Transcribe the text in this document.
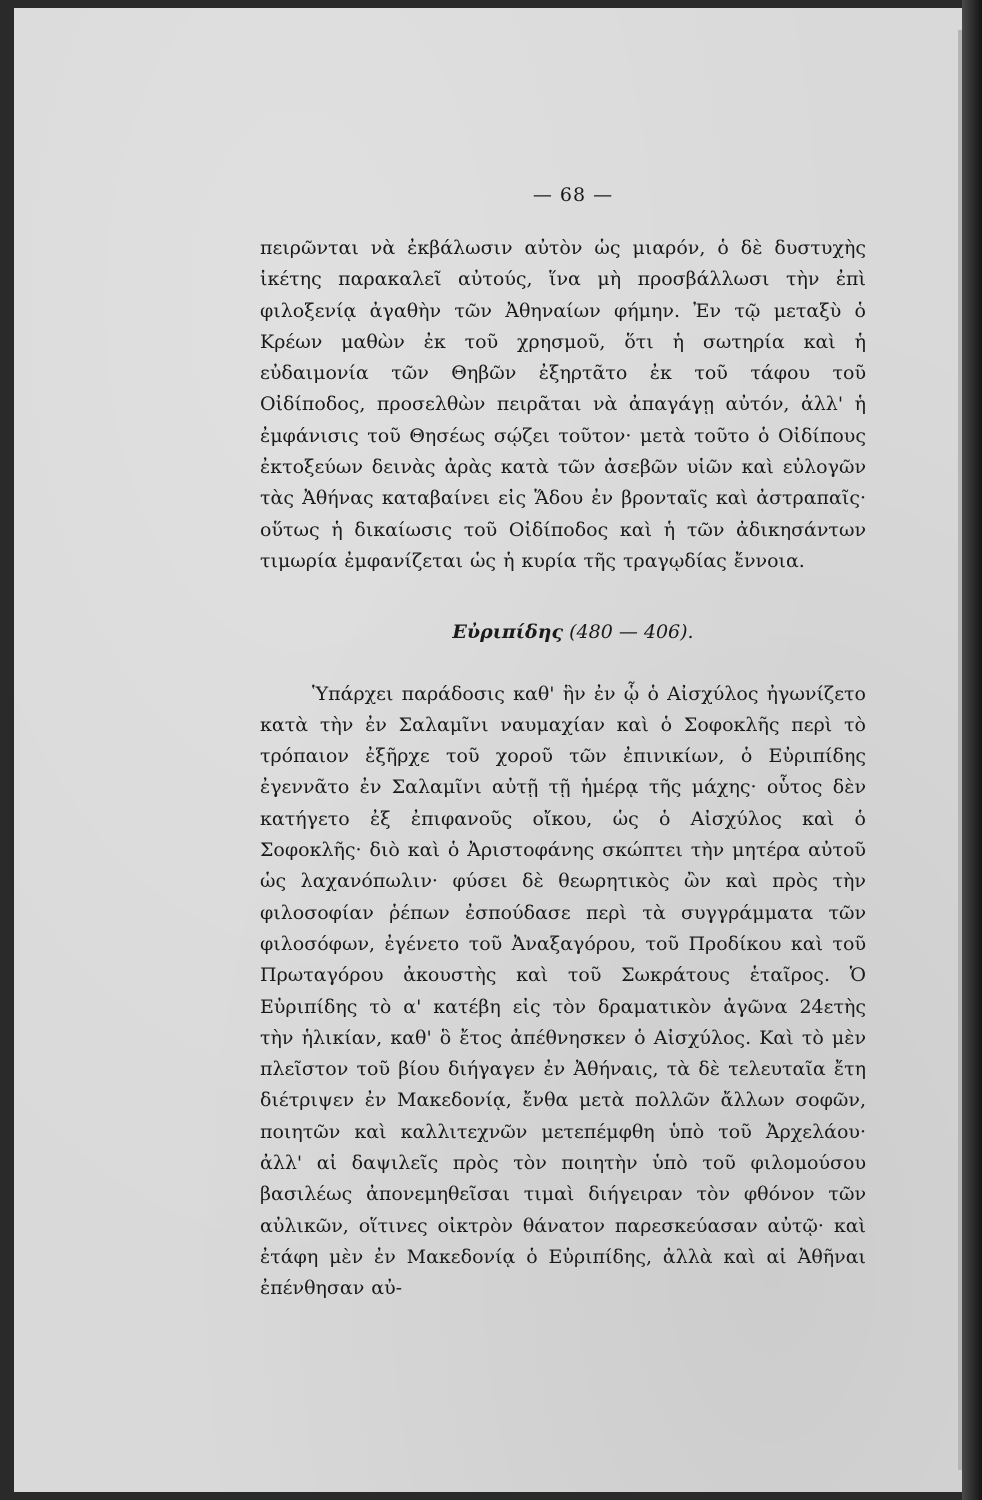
— 68 —

πειρῶνται νὰ ἐκβάλωσιν αὐτὸν ὡς μιαρόν, ὁ δὲ δυστυχὴς ἱκέτης παρακαλεῖ αὐτούς, ἵνα μὴ προσβάλλωσι τὴν ἐπὶ φιλοξενίᾳ ἀγαθὴν τῶν Ἀθηναίων φήμην. Ἐν τῷ μεταξὺ ὁ Κρέων μαθὼν ἐκ τοῦ χρησμοῦ, ὅτι ἡ σωτηρία καὶ ἡ εὐδαιμονία τῶν Θηβῶν ἐξηρτᾶτο ἐκ τοῦ τάφου τοῦ Οἰδίποδος, προσελθὼν πειρᾶται νὰ ἀπαγάγῃ αὐτόν, ἀλλ' ἡ ἐμφάνισις τοῦ Θησέως σῴζει τοῦτον· μετὰ τοῦτο ὁ Οἰδίπους ἐκτοξεύων δεινὰς ἀρὰς κατὰ τῶν ἀσεβῶν υἱῶν καὶ εὐλογῶν τὰς Ἀθήνας καταβαίνει εἰς Ἅδου ἐν βρονταῖς καὶ ἀστραπαῖς· οὕτως ἡ δικαίωσις τοῦ Οἰδίποδος καὶ ἡ τῶν ἀδικησάντων τιμωρία ἐμφανίζεται ὡς ἡ κυρία τῆς τραγῳδίας ἔννοια.

Εὐριπίδης (480 — 406).

Ὑπάρχει παράδοσις καθ' ἣν ἐν ᾧ ὁ Αἰσχύλος ἠγωνίζετο κατὰ τὴν ἐν Σαλαμῖνι ναυμαχίαν καὶ ὁ Σοφοκλῆς περὶ τὸ τρόπαιον ἐξῆρχε τοῦ χοροῦ τῶν ἐπινικίων, ὁ Εὐριπίδης ἐγεννᾶτο ἐν Σαλαμῖνι αὐτῇ τῇ ἡμέρᾳ τῆς μάχης· οὗτος δὲν κατήγετο ἐξ ἐπιφανοῦς οἴκου, ὡς ὁ Αἰσχύλος καὶ ὁ Σοφοκλῆς· διὸ καὶ ὁ Ἀριστοφάνης σκώπτει τὴν μητέρα αὐτοῦ ὡς λαχανόπωλιν· φύσει δὲ θεωρητικὸς ὢν καὶ πρὸς τὴν φιλοσοφίαν ῥέπων ἐσπούδασε περὶ τὰ συγγράμματα τῶν φιλοσόφων, ἐγένετο τοῦ Ἀναξαγόρου, τοῦ Προδίκου καὶ τοῦ Πρωταγόρου ἀκουστὴς καὶ τοῦ Σωκράτους ἑταῖρος. Ὁ Εὐριπίδης τὸ α' κατέβη εἰς τὸν δραματικὸν ἀγῶνα 24ετὴς τὴν ἡλικίαν, καθ' ὃ ἔτος ἀπέθνησκεν ὁ Αἰσχύλος. Καὶ τὸ μὲν πλεῖστον τοῦ βίου διήγαγεν ἐν Ἀθήναις, τὰ δὲ τελευταῖα ἔτη διέτριψεν ἐν Μακεδονίᾳ, ἔνθα μετὰ πολλῶν ἄλλων σοφῶν, ποιητῶν καὶ καλλιτεχνῶν μετεπέμφθη ὑπὸ τοῦ Ἀρχελάου· ἀλλ' αἱ δαψιλεῖς πρὸς τὸν ποιητὴν ὑπὸ τοῦ φιλομούσου βασιλέως ἀπονεμηθεῖσαι τιμαὶ διήγειραν τὸν φθόνον τῶν αὐλικῶν, οἵτινες οἰκτρὸν θάνατον παρεσκεύασαν αὐτῷ· καὶ ἐτάφη μὲν ἐν Μακεδονίᾳ ὁ Εὐριπίδης, ἀλλὰ καὶ αἱ Ἀθῆναι ἐπένθησαν αὐ-
